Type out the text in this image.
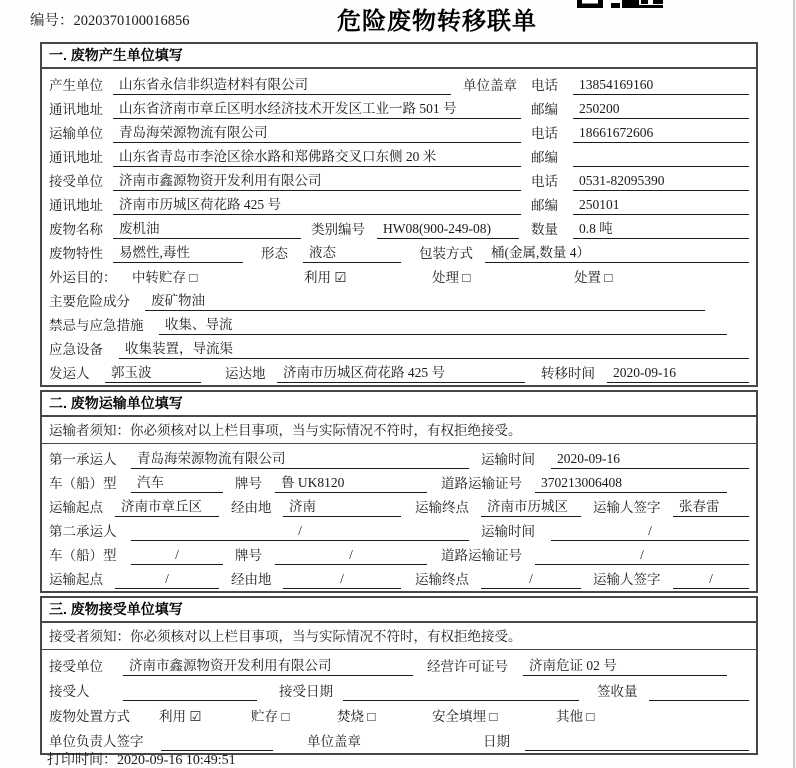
编号：2020370100016856	危险废物转移联单
一. 废物产生单位填写
产生单位	山东省永信非织造材料有限公司	单位盖章 电话	13854169160
通讯地址	山东省济南市章丘区明水经济技术开发区工业一路 501 号	邮编	250200
运输单位	青岛海荣源物流有限公司	电话	18661672606
通讯地址	山东省青岛市李沧区徐水路和郑佛路交叉口东侧 20 米	邮编
接受单位	济南市鑫源物资开发利用有限公司	电话	0531-82095390
通讯地址	济南市历城区荷花路 425 号	邮编	250101
废物名称	废机油	类别编号	HW08(900-249-08)	数量	0.8 吨
废物特性	易燃性,毒性	形态	液态	包装方式	桶(金属,数量 4）
外运目的：	中转贮存 □	利用 ☑	处理 □	处置 □
主要危险成分	废矿物油
禁忌与应急措施	收集、导流
应急设备	收集装置，导流渠
发运人	郭玉波	运达地	济南市历城区荷花路 425 号	转移时间	2020-09-16
二. 废物运输单位填写
运输者须知：你必须核对以上栏目事项，当与实际情况不符时，有权拒绝接受。
第一承运人	青岛海荣源物流有限公司	运输时间	2020-09-16
车（船）型	汽车	牌号	鲁 UK8120	道路运输证号	370213006408
运输起点	济南市章丘区	经由地	济南	运输终点	济南市历城区	运输人签字	张春雷
第二承运人	/	运输时间	/
车（船）型	/	牌号	/	道路运输证号	/
运输起点	/	经由地	/	运输终点	/	运输人签字	/
三. 废物接受单位填写
接受者须知：你必须核对以上栏目事项，当与实际情况不符时，有权拒绝接受。
接受单位	济南市鑫源物资开发利用有限公司	经营许可证号	济南危证 02 号
接受人	接受日期	签收量
废物处置方式	利用 ☑	贮存 □	焚烧 □	安全填埋 □	其他 □
单位负责人签字	单位盖章	日期
打印时间：2020-09-16 10:49:51
